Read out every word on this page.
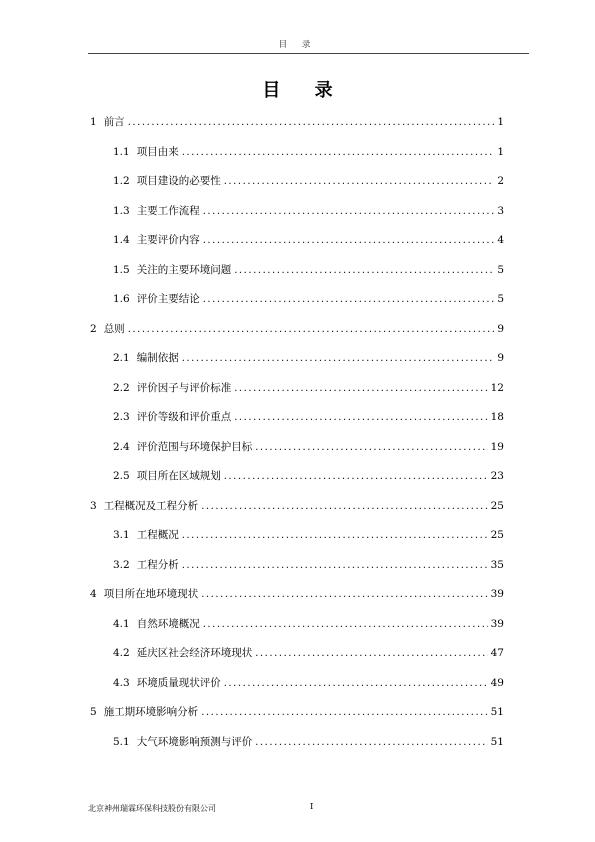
目 录
目 录
1 前言 .....	1
1.1 项目由来 .....	1
1.2 项目建设的必要性 .....	2
1.3 主要工作流程 .....	3
1.4 主要评价内容 .....	4
1.5 关注的主要环境问题 .....	5
1.6 评价主要结论 .....	5
2 总则 .....	9
2.1 编制依据 .....	9
2.2 评价因子与评价标准 .....	12
2.3 评价等级和评价重点 .....	18
2.4 评价范围与环境保护目标 .....	19
2.5 项目所在区域规划 .....	23
3 工程概况及工程分析 .....	25
3.1 工程概况 .....	25
3.2 工程分析 .....	35
4 项目所在地环境现状 .....	39
4.1 自然环境概况 .....	39
4.2 延庆区社会经济环境现状 .....	47
4.3 环境质量现状评价 .....	49
5 施工期环境影响分析 .....	51
5.1 大气环境影响预测与评价 .....	51
北京神州瑞霖环保科技股份有限公司	I
